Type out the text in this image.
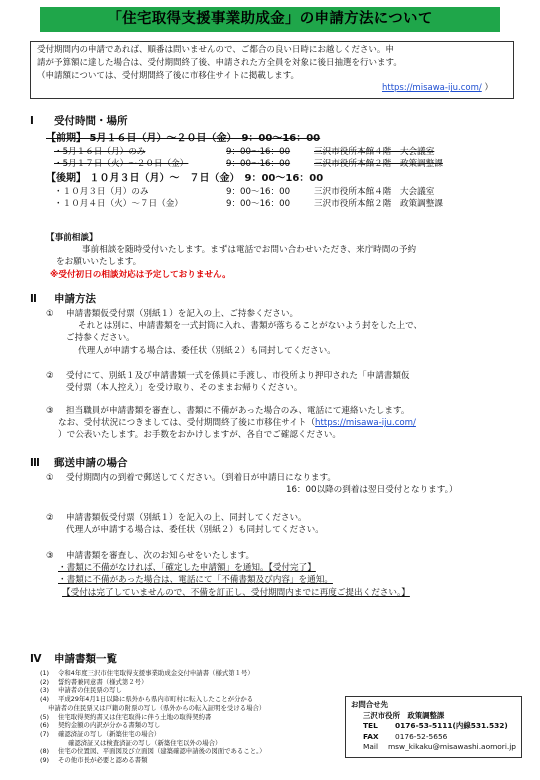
「住宅取得支援事業助成金」の申請方法について

受付期間内の申請であれば、順番は問いませんので、ご都合の良い日時にお越しください。申

請が予算額に達した場合は、受付期間終了後、申請された方全員を対象に後日抽選を行います。

（申請額については、受付期間終了後に市移住サイトに掲載します。

https://misawa-iju.com/ ）

Ⅰ 受付時間・場所
【前期】 5月１６日（月）～２０日（金）　9：00～16：00
・5月１６日（月）のみ	9：00～16：00	三沢市役所本館４階　大会議室
・5月１７日（火）～２０日（金）	9：00～16：00	三沢市役所本館２階　政策調整課
【後期】 １０月３日（月）～　７日（金）　9：00～16：00
・１０月３日（月）のみ	9：00～16：00	三沢市役所本館４階　大会議室
・１０月４日（火）～７日（金）	9：00～16：00	三沢市役所本館２階　政策調整課
【事前相談】
事前相談を随時受付いたします。まずは電話でお問い合わせいただき、来庁時間の予約
をお願いいたします。
※受付初日の相談対応は予定しておりません。
Ⅱ 申請方法
①	申請書類仮受付票（別紙１）を記入の上、ご持参ください。
それとは別に、申請書類を一式封筒に入れ、書類が落ちることがないよう封をした上で、
ご持参ください。
代理人が申請する場合は、委任状（別紙２）も同封してください。
②	受付にて、別紙１及び申請書類一式を係員に手渡し、市役所より押印された「申請書類仮
受付票（本人控え）」を受け取り、そのままお帰りください。
③	担当職員が申請書類を審査し、書類に不備があった場合のみ、電話にて連絡いたします。
なお、受付状況につきましては、受付期間終了後に市移住サイト（https://misawa-iju.com/
）で公表いたします。お手数をおかけしますが、各自でご確認ください。
Ⅲ 郵送申請の場合
①	受付期間内の到着で郵送してください。（到着日が申請日になります。
16：00以降の到着は翌日受付となります。）
②	申請書類仮受付票（別紙１）を記入の上、同封してください。
代理人が申請する場合は、委任状（別紙２）も同封してください。
③	申請書類を審査し、次のお知らせをいたします。
・書類に不備がなければ、「確定した申請額」を通知。【受付完了】
・書類に不備があった場合は、電話にて「不備書類及び内容」を通知。
【受付は完了していませんので、不備を訂正し、受付期間内までに再度ご提出ください。】
Ⅳ 申請書類一覧
(1)	令和4年度三沢市住宅取得支援事業助成金交付申請書（様式第１号）
(2)	誓約書兼同意書（様式第２号）
(3)	申請者の住民票の写し
(4)	平成29年4月1日以降に県外から県内市町村に転入したことが分かる
申請者の住民票又は戸籍の附票の写し（県外からの転入証明を受ける場合）
(5)	住宅取得契約書又は住宅取得に伴う土地の取得契約書
(6)	契約金額の内訳が分かる書類の写し
(7)	確認済証の写し（新築住宅の場合）
確認済証又は検査済証の写し（新築住宅以外の場合）
(8)	住宅の位置図、平面図及び立面図（建築確認申請後の図面であること。）
(9)	その他市長が必要と認める書類
お問合せ先
三沢市役所　政策調整課
TEL	0176-53-5111(内線531.532)
FAX	0176-52-5656
Mail	msw_kikaku@misawashi.aomori.jp
